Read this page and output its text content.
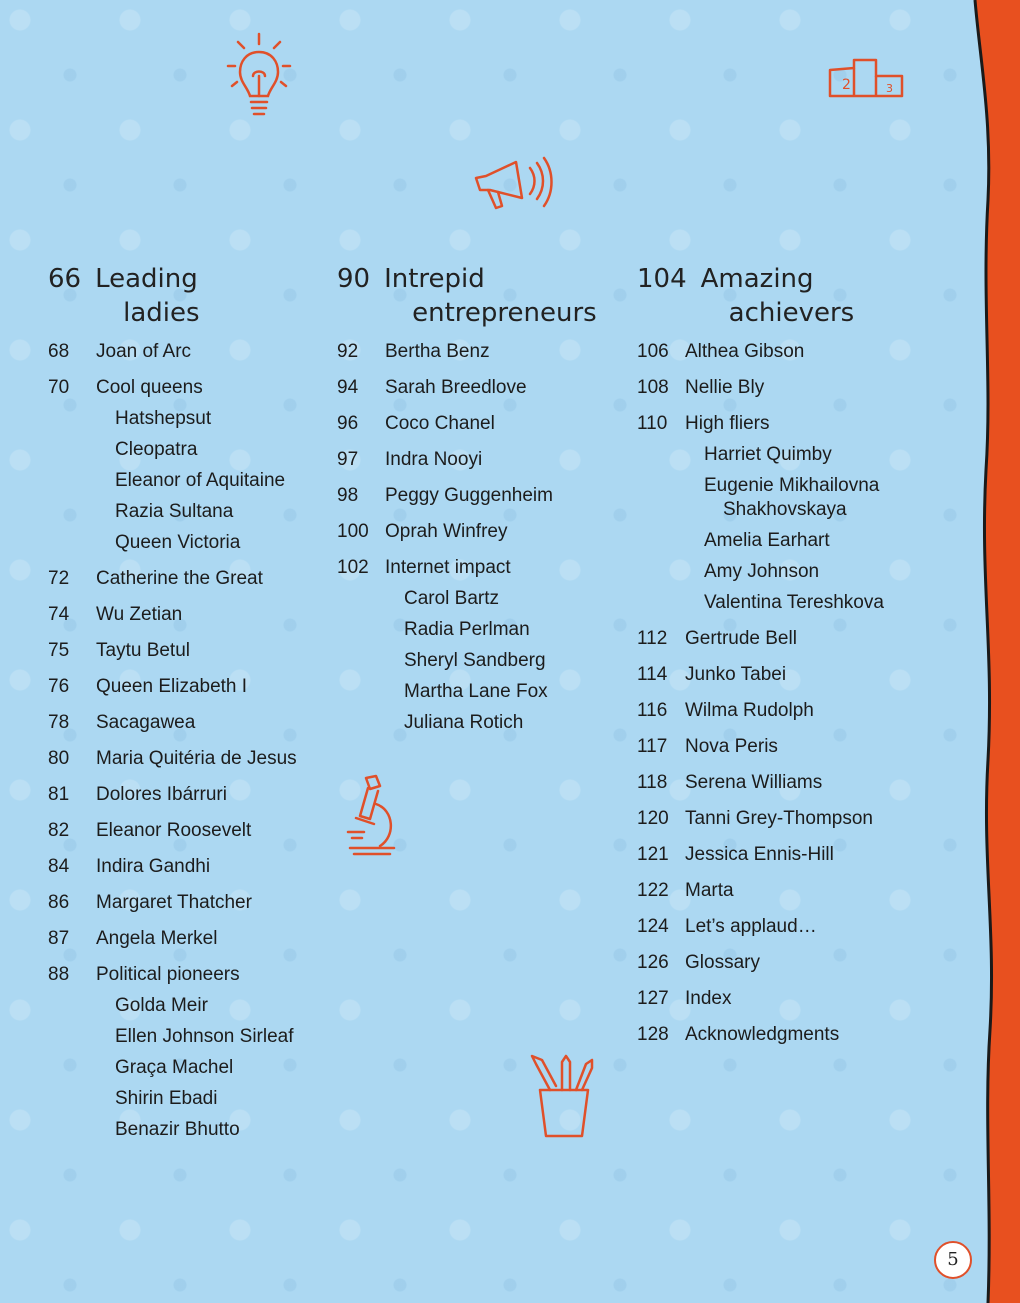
2	3
66 Leading
ladies
68 Joan of Arc
70 Cool queens
Hatshepsut
Cleopatra
Eleanor of Aquitaine
Razia Sultana
Queen Victoria
72 Catherine the Great
74 Wu Zetian
75 Taytu Betul
76 Queen Elizabeth I
78 Sacagawea
80 Maria Quitéria de Jesus
81 Dolores Ibárruri
82 Eleanor Roosevelt
84 Indira Gandhi
86 Margaret Thatcher
87 Angela Merkel
88 Political pioneers
Golda Meir
Ellen Johnson Sirleaf
Graça Machel
Shirin Ebadi
Benazir Bhutto
90 Intrepid
entrepreneurs
92 Bertha Benz
94 Sarah Breedlove
96 Coco Chanel
97 Indra Nooyi
98 Peggy Guggenheim
100 Oprah Winfrey
102 Internet impact
Carol Bartz
Radia Perlman
Sheryl Sandberg
Martha Lane Fox
Juliana Rotich
104 Amazing
achievers
106 Althea Gibson
108 Nellie Bly
110 High fliers
Harriet Quimby
Eugenie Mikhailovna
Shakhovskaya
Amelia Earhart
Amy Johnson
Valentina Tereshkova
112 Gertrude Bell
114 Junko Tabei
116 Wilma Rudolph
117 Nova Peris
118 Serena Williams
120 Tanni Grey-Thompson
121 Jessica Ennis-Hill
122 Marta
124 Let’s applaud…
126 Glossary
127 Index
128 Acknowledgments
5
